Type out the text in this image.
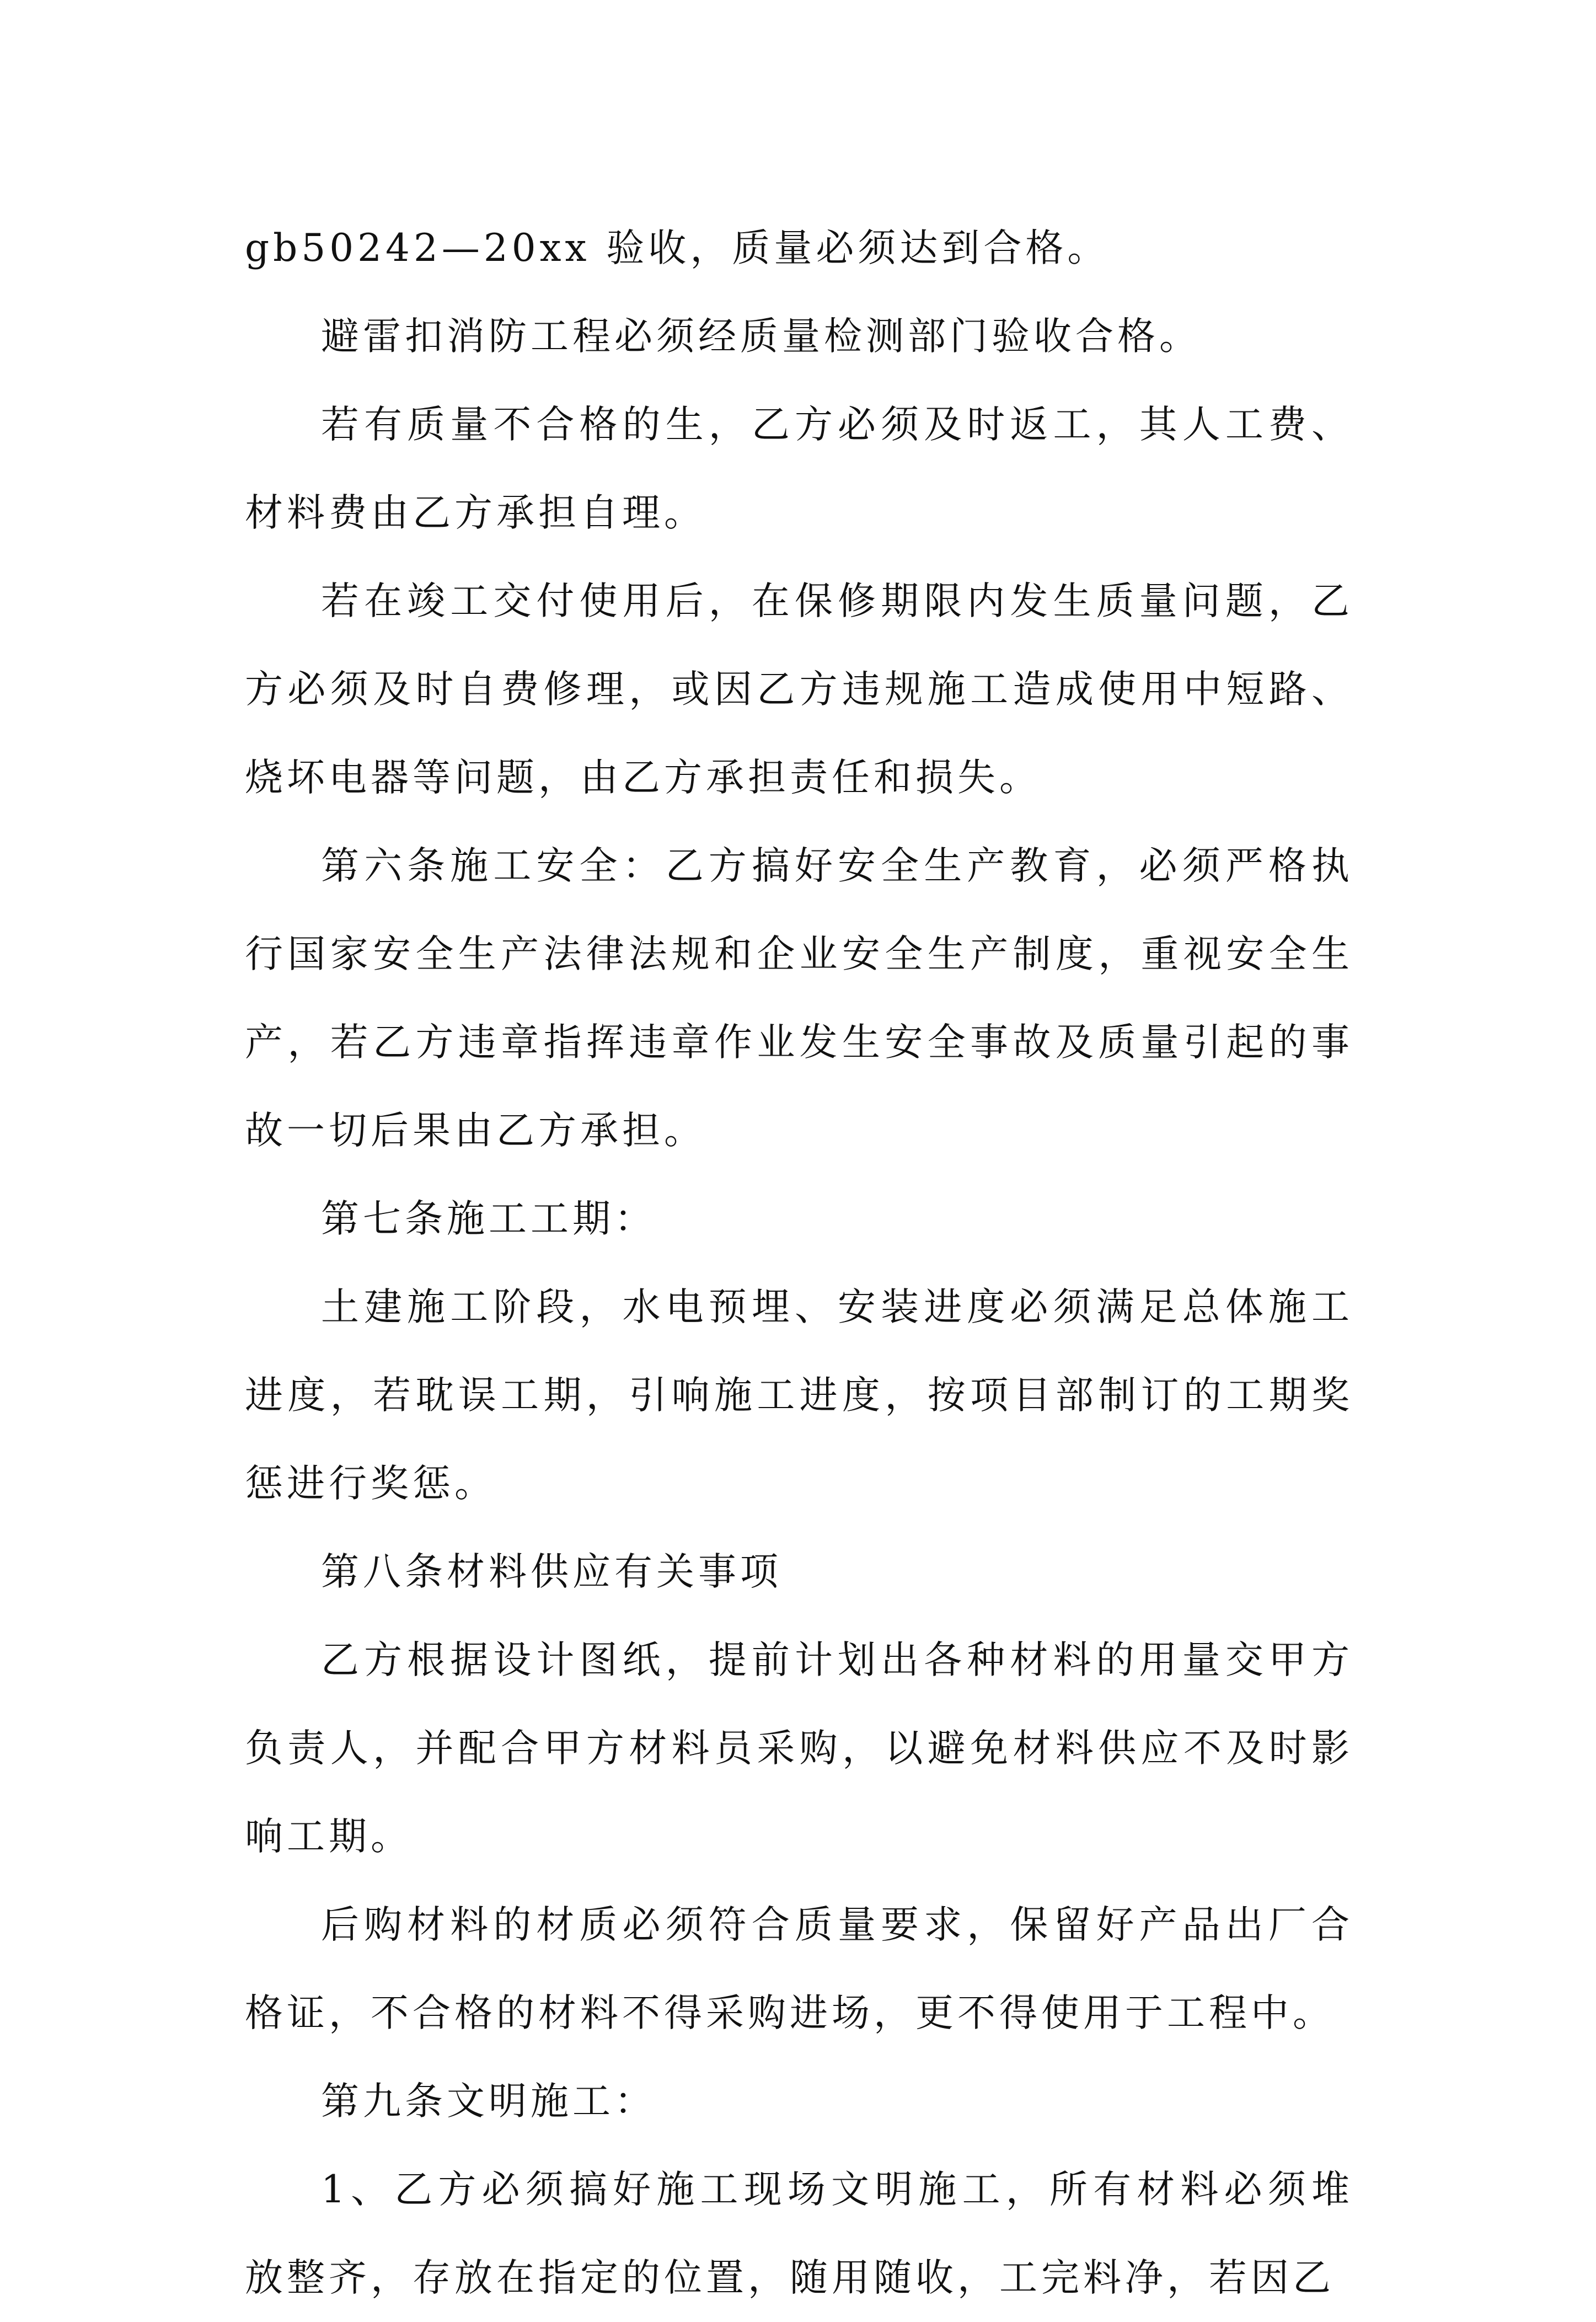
gb50242—20xx 验收，质量必须达到合格。

避雷扣消防工程必须经质量检测部门验收合格。

若有质量不合格的生，乙方必须及时返工，其人工费、材料费由乙方承担自理。

若在竣工交付使用后，在保修期限内发生质量问题，乙方必须及时自费修理，或因乙方违规施工造成使用中短路、烧坏电器等问题，由乙方承担责任和损失。

第六条施工安全：乙方搞好安全生产教育，必须严格执行国家安全生产法律法规和企业安全生产制度，重视安全生产，若乙方违章指挥违章作业发生安全事故及质量引起的事故一切后果由乙方承担。

第七条施工工期：

土建施工阶段，水电预埋、安装进度必须满足总体施工进度，若耽误工期，引响施工进度，按项目部制订的工期奖惩进行奖惩。

第八条材料供应有关事项

乙方根据设计图纸，提前计划出各种材料的用量交甲方负责人，并配合甲方材料员采购，以避免材料供应不及时影响工期。

后购材料的材质必须符合质量要求，保留好产品出厂合格证，不合格的材料不得采购进场，更不得使用于工程中。

第九条文明施工：

1、乙方必须搞好施工现场文明施工，所有材料必须堆放整齐，存放在指定的位置，随用随收，工完料净，若因乙
